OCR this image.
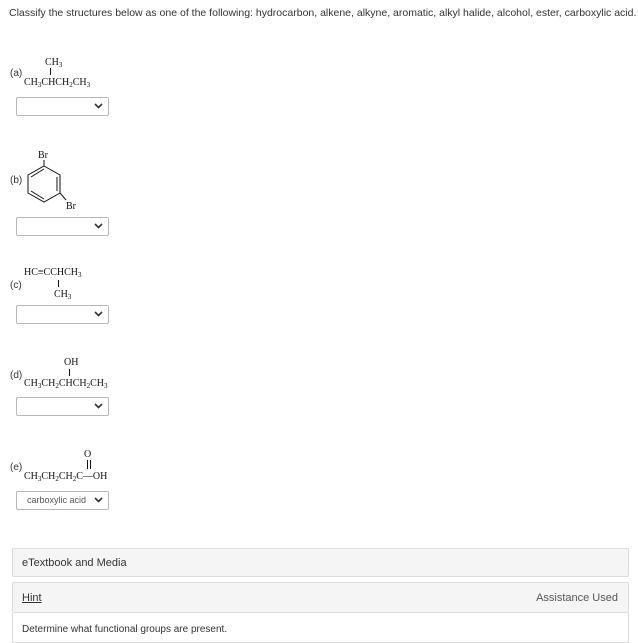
Classify the structures below as one of the following: hydrocarbon, alkene, alkyne, aromatic, alkyl halide, alcohol, ester, carboxylic acid.
(a)
$CH_3$
$CH_3CHCH_2CH_3$
(b)
Br
Br
(c)
$HC\equiv CCHCH_3$
$CH_3$
(d)
OH
$CH_3CH_2CHCH_2CH_3$
(e)
O
$CH_3CH_2CH_2C—OH$
carboxylic acid
eTextbook and Media
Hint	Assistance Used
Determine what functional groups are present.
